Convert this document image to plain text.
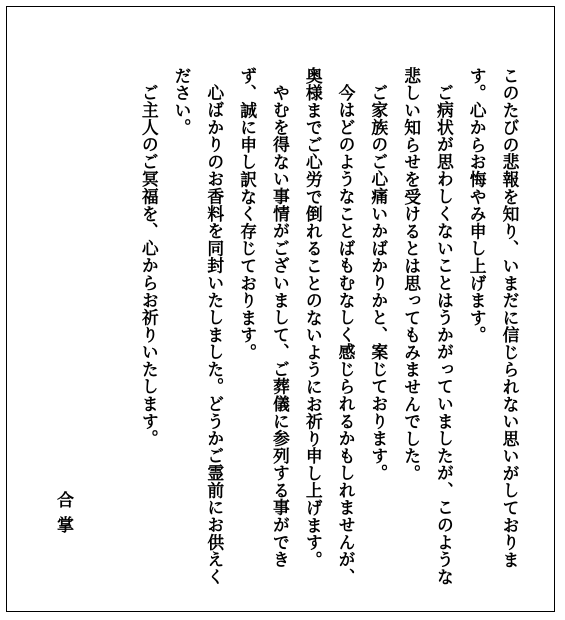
このたびの悲報を知り、いまだに信じられない思いがしております。心からお悔やみ申し上げます。

ご病状が思わしくないことはうかがっていましたが、このような悲しい知らせを受けるとは思ってもみませんでした。

ご家族のご心痛いかばかりかと、案じております。

今はどのようなことばもむなしく感じられるかもしれませんが、奥様までご心労で倒れることのないようにお祈り申し上げます。

やむを得ない事情がございまして、ご葬儀に参列する事ができず、誠に申し訳なく存じております。

心ばかりのお香料を同封いたしました。どうかご霊前にお供えください。

ご主人のご冥福を、心からお祈りいたします。

合掌
